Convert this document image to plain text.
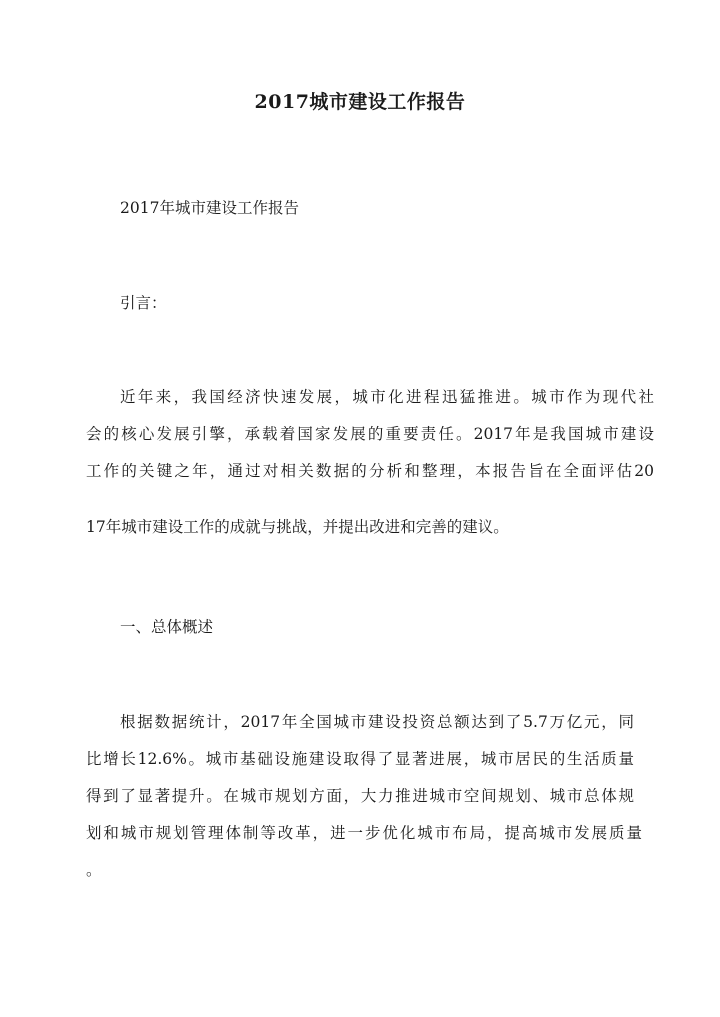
2017城市建设工作报告

2017年城市建设工作报告

引言：

近年来，我国经济快速发展，城市化进程迅猛推进。城市作为现代社

会的核心发展引擎，承载着国家发展的重要责任。2017年是我国城市建设

工作的关键之年，通过对相关数据的分析和整理，本报告旨在全面评估20

17年城市建设工作的成就与挑战，并提出改进和完善的建议。

一、总体概述

根据数据统计，2017年全国城市建设投资总额达到了5.7万亿元，同

比增长12.6%。城市基础设施建设取得了显著进展，城市居民的生活质量

得到了显著提升。在城市规划方面，大力推进城市空间规划、城市总体规

划和城市规划管理体制等改革，进一步优化城市布局，提高城市发展质量

。
